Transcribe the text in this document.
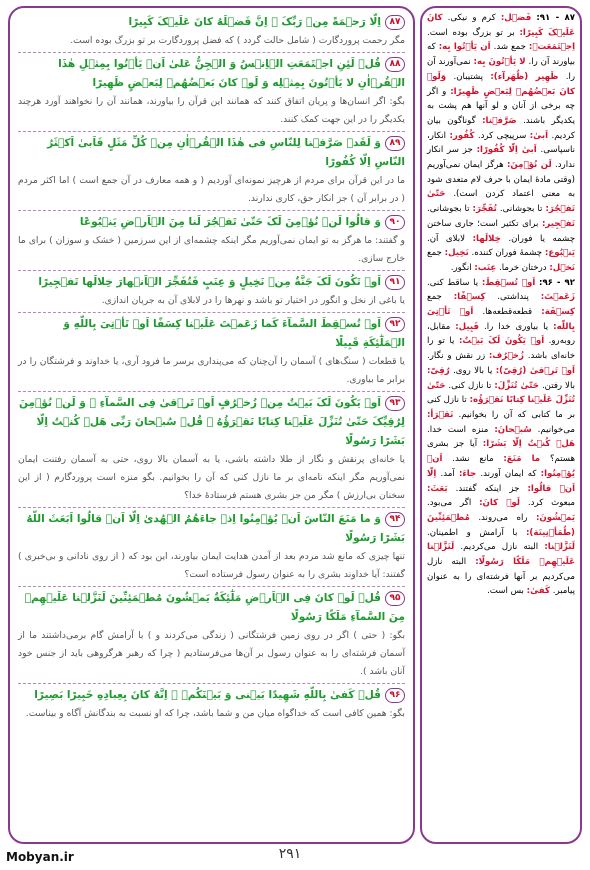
۸۷ - ۹۱: فَضۡل: کرم و نیکی. کانَ عَلَیۡکَ کَبِیرًا: بر تو بزرگ بوده است. اِجۡتَمَعَتۡ: جمع شد. اَن یَأۡتُوا بِه: که بیاورند آن را. لا یَأۡتُونَ بِه: نمی‌آورند آن را. ظَهِیر (ظُهَرآء): پشتیبان. وَلَوۡ کانَ بَعۡضُهُمۡ لِبَعۡضٍ ظَهِیرًا: و اگر چه برخی از آنان و لو آنها هم پشت به یکدیگر باشند. صَرَّفۡنا: گوناگون بیان کردیم. اَبیٰ: سرپیچی کرد. کُفُور: انکار، ناسپاسی. اَبیٰ اِلّا کُفُورًا: جز سر انکار ندارد. لَن نُؤۡمِنَ: هرگز ایمان نمی‌آوریم (وقتی مادهٔ ایمان با حرف لام متعدی شود به معنی اعتماد کردن است). حَتّیٰ تَفۡجُرَ: تا بجوشانی. تُفَجِّرَ: تا بجوشانی. تَفۡجِیر: برای تکثیر است؛ جاری ساختن چشمه یا فوران. خِلالَها: لابلای آن. یَنۡبُوع: چشمهٔ فوران کننده. نَخِیل: جمع نَخۡل: درختان خرما. عِنَب: انگور.

۹۲ - ۹۶: اَوۡ تُسۡقِطَ: یا ساقط کنی. زَعَمۡتَ: پنداشتی. کِسۡفًا: جمع کِسۡفَة: قطعه‌قطعه‌ها. اَوۡ تَأۡتِیَ بِاللّه: یا بیاوری خدا را. قَبِیل: مقابل، رو‌به‌رو. اَوۡ یَکُونَ لَکَ بَیۡتٌ: یا تو را خانه‌ای باشد. زُخۡرُف: زر نقش و نگار. اَوۡ تَرۡقیٰ (رُقِیّ): یا بالا روی. رُقِیّ: بالا رفتن. حَتّیٰ تُنَزِّلَ: تا نازل کنی. حَتّیٰ تُنَزِّلَ عَلَیۡنا کِتابًا نَقۡرَؤُه: تا نازل کنی بر ما کتابی که آن را بخوانیم. نَقۡرَأ: می‌خوانیم. سُبۡحانَ: منزه است خدا. هَلۡ کُنۡتُ اِلّا بَشَرًا: آیا جز بشری هستم؟ ما مَنَعَ: مانع نشد. اَنۡ یُؤۡمِنُوا: که ایمان آورند. جاءَ: آمد. اِلّا اَنۡ قالُوا: جز اینکه گفتند. بَعَثَ: مبعوث کرد. لَوۡ کانَ: اگر می‌بود. یَمۡشُونَ: راه می‌روند. مُطۡمَئِنِّینَ (طُمَأۡنِینَة): با آرامش و اطمینان. لَنَزَّلۡنا: البته نازل می‌کردیم. لَنَزَّلۡنا عَلَیۡهِمۡ مَلَکًا رَسُولًا: البته نازل می‌کردیم بر آنها فرشته‌ای را به عنوان پیامبر. کَفیٰ: بس است.

۸۷اِلّا رَحۡمَةً مِنۡ رَبِّکَ ۚ اِنَّ فَضۡلَهُ کانَ عَلَیۡکَ کَبِیرًا
مگر رحمت پروردگارت ( شامل حالت گردد ) که فضل پروردگارت بر تو بزرگ بوده است.
۸۸قُلۡ لَئِنِ اجۡتَمَعَتِ الۡاِنۡسُ وَ الۡجِنُّ عَلیٰ اَنۡ یَأۡتُوا بِمِثۡلِ هٰذَا الۡقُرۡاٰنِ لا یَأۡتُونَ بِمِثۡلِه وَ لَوۡ کانَ بَعۡضُهُمۡ لِبَعۡضٍ ظَهِیرًا
بگو: اگر انسان‌ها و پریان اتفاق کنند که همانند این قرآن را بیاورند، همانند آن را نخواهند آورد هرچند یکدیگر را در این جهت کمک کنند.
۸۹وَ لَقَدۡ صَرَّفۡنا لِلنّاسِ فی هٰذَا الۡقُرۡاٰنِ مِنۡ کُلِّ مَثَلٍ فَاَبیٰ اَکۡثَرُ النّاسِ اِلّا کُفُورًا
ما در این قرآن برای مردم از هرچیز نمونه‌ای آوردیم ( و همه معارف در آن جمع است ) اما اکثر مردم ( در برابر آن ) جز انکار حق، کاری ندارند.
۹۰وَ قالُوا لَنۡ نُؤۡمِنَ لَکَ حَتّیٰ تَفۡجُرَ لَنا مِنَ الۡاَرۡضِ یَنۡبُوعًا
و گفتند: ما هرگز به تو ایمان نمی‌آوریم مگر اینکه چشمه‌ای از این سرزمین ( خشک و سوزان ) برای ما خارج سازی.
۹۱اَوۡ تَکُونَ لَکَ جَنَّةٌ مِنۡ نَخِیلٍ وَ عِنَبٍ فَتُفَجِّرَ الۡاَنۡهارَ خِلالَها تَفۡجِیرًا
یا باغی از نخل و انگور در اختیار تو باشد و نهرها را در لابلای آن به جریان اندازی.
۹۲اَوۡ تُسۡقِطَ السَّمآءَ کَما زَعَمۡتَ عَلَیۡنا کِسَفًا اَوۡ تَأۡتِیَ بِاللّهِ وَ الۡمَلٰٓئِکَةِ قَبِیلًا
یا قطعات ( سنگ‌های ) آسمان را آن‌چنان که می‌پنداری برسر ما فرود آری، یا خداوند و فرشتگان را در برابر ما بیاوری.
۹۳اَوۡ یَکُونَ لَکَ بَیۡتٌ مِنۡ زُخۡرُفٍ اَوۡ تَرۡقیٰ فِی السَّمآءِ ۖ وَ لَنۡ نُؤۡمِنَ لِرُقِیِّکَ حَتّیٰ تُنَزِّلَ عَلَیۡنا کِتابًا نَقۡرَؤُهُ ۗ قُلۡ سُبۡحانَ رَبِّی هَلۡ کُنۡتُ اِلّا بَشَرًا رَسُولًا
یا خانه‌ای پرنقش و نگار از طلا داشته باشی، یا به آسمان بالا روی، حتی به آسمان رفتنت ایمان نمی‌آوریم مگر اینکه نامه‌ای بر ما نازل کنی که آن را بخوانیم. بگو منزه است پروردگارم ( از این سخنان بی‌ارزش ) مگر من جز بشری هستم فرستادهٔ خدا؟
۹۴وَ ما مَنَعَ النّاسَ اَنۡ یُؤۡمِنُوا اِذۡ جاءَهُمُ الۡهُدیٰ اِلّا اَنۡ قالُوا اَبَعَثَ اللّهُ بَشَرًا رَسُولًا
تنها چیزی که مانع شد مردم بعد از آمدن هدایت ایمان بیاورند، این بود که ( از روی نادانی و بی‌خبری ) گفتند: آیا خداوند بشری را به عنوان رسول فرستاده است؟
۹۵قُلۡ لَوۡ کانَ فِی الۡاَرۡضِ مَلٰٓئِکَةٌ یَمۡشُونَ مُطۡمَئِنِّینَ لَنَزَّلۡنا عَلَیۡهِمۡ مِنَ السَّمآءِ مَلَکًا رَسُولًا
بگو: ( حتی ) اگر در روی زمین فرشتگانی ( زندگی می‌کردند و ) با آرامش گام برمی‌داشتند ما از آسمان فرشته‌ای را به عنوان رسول بر آن‌ها می‌فرستادیم ( چرا که رهبر هرگروهی باید از جنس خود آنان باشد ).
۹۶قُلۡ کَفیٰ بِاللّهِ شَهِیدًا بَیۡنی وَ بَیۡنَکُمۡ ۚ اِنَّهُ کانَ بِعِبادِهِ خَبِیرًا بَصِیرًا
بگو: همین کافی است که خداگواه میان من و شما باشد، چرا که او نسبت به بندگانش آگاه و بیناست.
Mobyan.ir	۲۹۱
